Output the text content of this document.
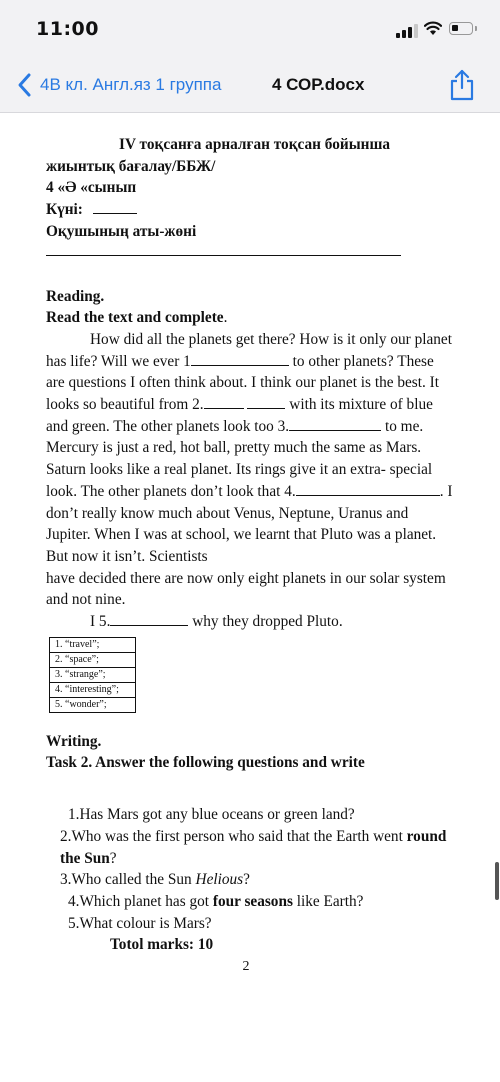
11:00
4В кл. Англ.яз 1 группа	4 СОР.docx

IV тоқсанға арналған тоқсан бойынша

жиынтық бағалау/ББЖ/

4 «Ә «сынып

Күні:

Оқушының аты-жөні

Reading.

Read the text and complete.

How did all the planets get there? How is it only our planet has life? Will we ever 1	to other planets? These are questions I often think about. I think our planet is the best. It looks so beautiful from 2.	with its mixture of blue and green. The other planets look too 3.	to me. Mercury is just a red, hot ball, pretty much the same as Mars. Saturn looks like a real planet. Its rings give it an extra- special look. The other planets don’t look that 4.	. I don’t really know much about Venus, Neptune, Uranus and Jupiter. When I was at school, we learnt that Pluto was a planet. But now it isn’t. Scientists

have decided there are now only eight planets in our solar system and not nine.

I 5.	why they dropped Pluto.

1. “travel”;
2. “space”;
3. “strange”;
4. “interesting”;
5. “wonder”;

Writing.

Task 2. Answer the following questions and write

1.Has Mars got any blue oceans or green land?

2.Who was the first person who said that the Earth went round the Sun?

3.Who called the Sun Helious?

4.Which planet has got four seasons like Earth?

5.What colour is Mars?

Totol marks: 10

2
